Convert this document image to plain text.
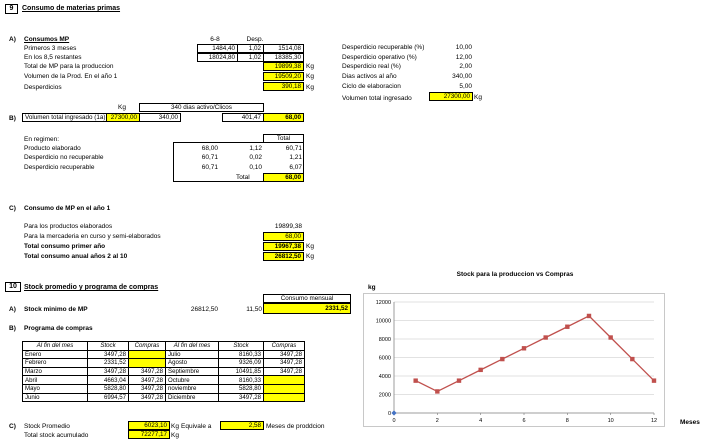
9	Consumo de materias primas
A) Consumos MP	6-8	Desp.
Primeros 3 meses	1484,40	1,02	1514,08
En los 8,5 restantes	18024,80	1,02	18385,30
Total de MP para la produccion	19899,38 Kg
Volumen de la Prod. En el año 1	19509,20 Kg
Desperdicios	390,18 Kg
Desperdicio recuperable (%)	10,00
Desperdicio operativo (%)	12,00
Desperdicio real (%)	2,00
Dias activos al año	340,00
Ciclo de elaboracion	5,00
Volumen total ingresado	27300,00 Kg
Kg	340 dias activo/Clicos
B)	Volumen total ingresado (1a) 27300,00	340,00	401,47	68,00
En regimen:	Total
Producto elaborado	68,00	1,12	60,71
Desperdicio no recuperable	60,71	0,02	1,21
Desperdicio recuperable	60,71	0,10	6,07
Total	68,00
C) Consumo de MP en el año 1
Para los productos elaborados	19899,38
Para la mercaderia en curso y semi-elaborados	68,00
Total consumo primer año	19967,38 Kg
Total consumo anual años 2 al 10	26812,50 Kg
10	Stock promedio y programa de compras
A) Stock minimo de MP	26812,50	11,50
Consumo mensual
2331,52
B) Programa de compras
Al fin del mes	Stock	Compras	Al fin del mes	Stock	Compras
Enero	3497,28		Julio	8160,33	3497,28
Febrero	2331,52		Agosto	9326,09	3497,28
Marzo	3497,28	3497,28	Septiembre	10491,85	3497,28
Abril	4663,04	3497,28	Octubre	8160,33	
Mayo	5828,80	3497,28	noviembre	5828,80	
Junio	6994,57	3497,28	Diciembre	3497,28	
C) Stock Promedio	6023,10 Kg Equivale a	2,58 Meses de proddcion
Total stock acumulado	72277,17 Kg
Stock para la produccion vs Compras
kg
Meses
0
2000
4000
6000
8000
10000
12000
0	2	4	6	8	10	12
